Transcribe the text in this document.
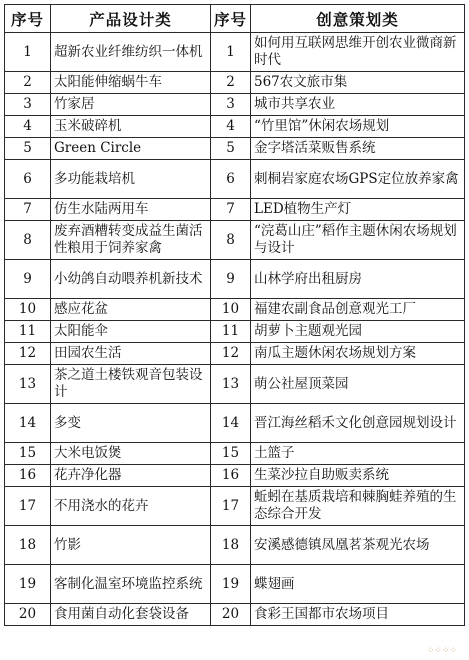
序号	产品设计类	序号	创意策划类
1	超新农业纤维纺织一体机	1	如何用互联网思维开创农业微商新时代
2	太阳能伸缩蜗牛车	2	567农文旅市集
3	竹家居	3	城市共享农业
4	玉米破碎机	4	“竹里馆”休闲农场规划
5	Green Circle	5	金字塔活菜贩售系统
6	多功能栽培机	6	刺桐岩家庭农场GPS定位放养家禽
7	仿生水陆两用车	7	LED植物生产灯
8	废弃酒糟转变成益生菌活性粮用于饲养家禽	8	“浣葛山庄”稻作主题休闲农场规划与设计
9	小幼鸽自动喂养机新技术	9	山林学府出租厨房
10	感应花盆	10	福建农副食品创意观光工厂
11	太阳能伞	11	胡萝卜主题观光园
12	田园农生活	12	南瓜主题休闲农场规划方案
13	茶之道土楼铁观音包装设计	13	萌公社屋顶菜园
14	多变	14	晋江海丝稻禾文化创意园规划设计
15	大米电饭煲	15	土篮子
16	花卉净化器	16	生菜沙拉自助贩卖系统
17	不用浇水的花卉	17	蚯蚓在基质栽培和棘胸蛙养殖的生态综合开发
18	竹影	18	安溪感德镇凤凰茗茶观光农场
19	客制化温室环境监控系统	19	蝶翅画
20	食用菌自动化套袋设备	20	食彩王国都市农场项目
⁘⁘⁘⁘
